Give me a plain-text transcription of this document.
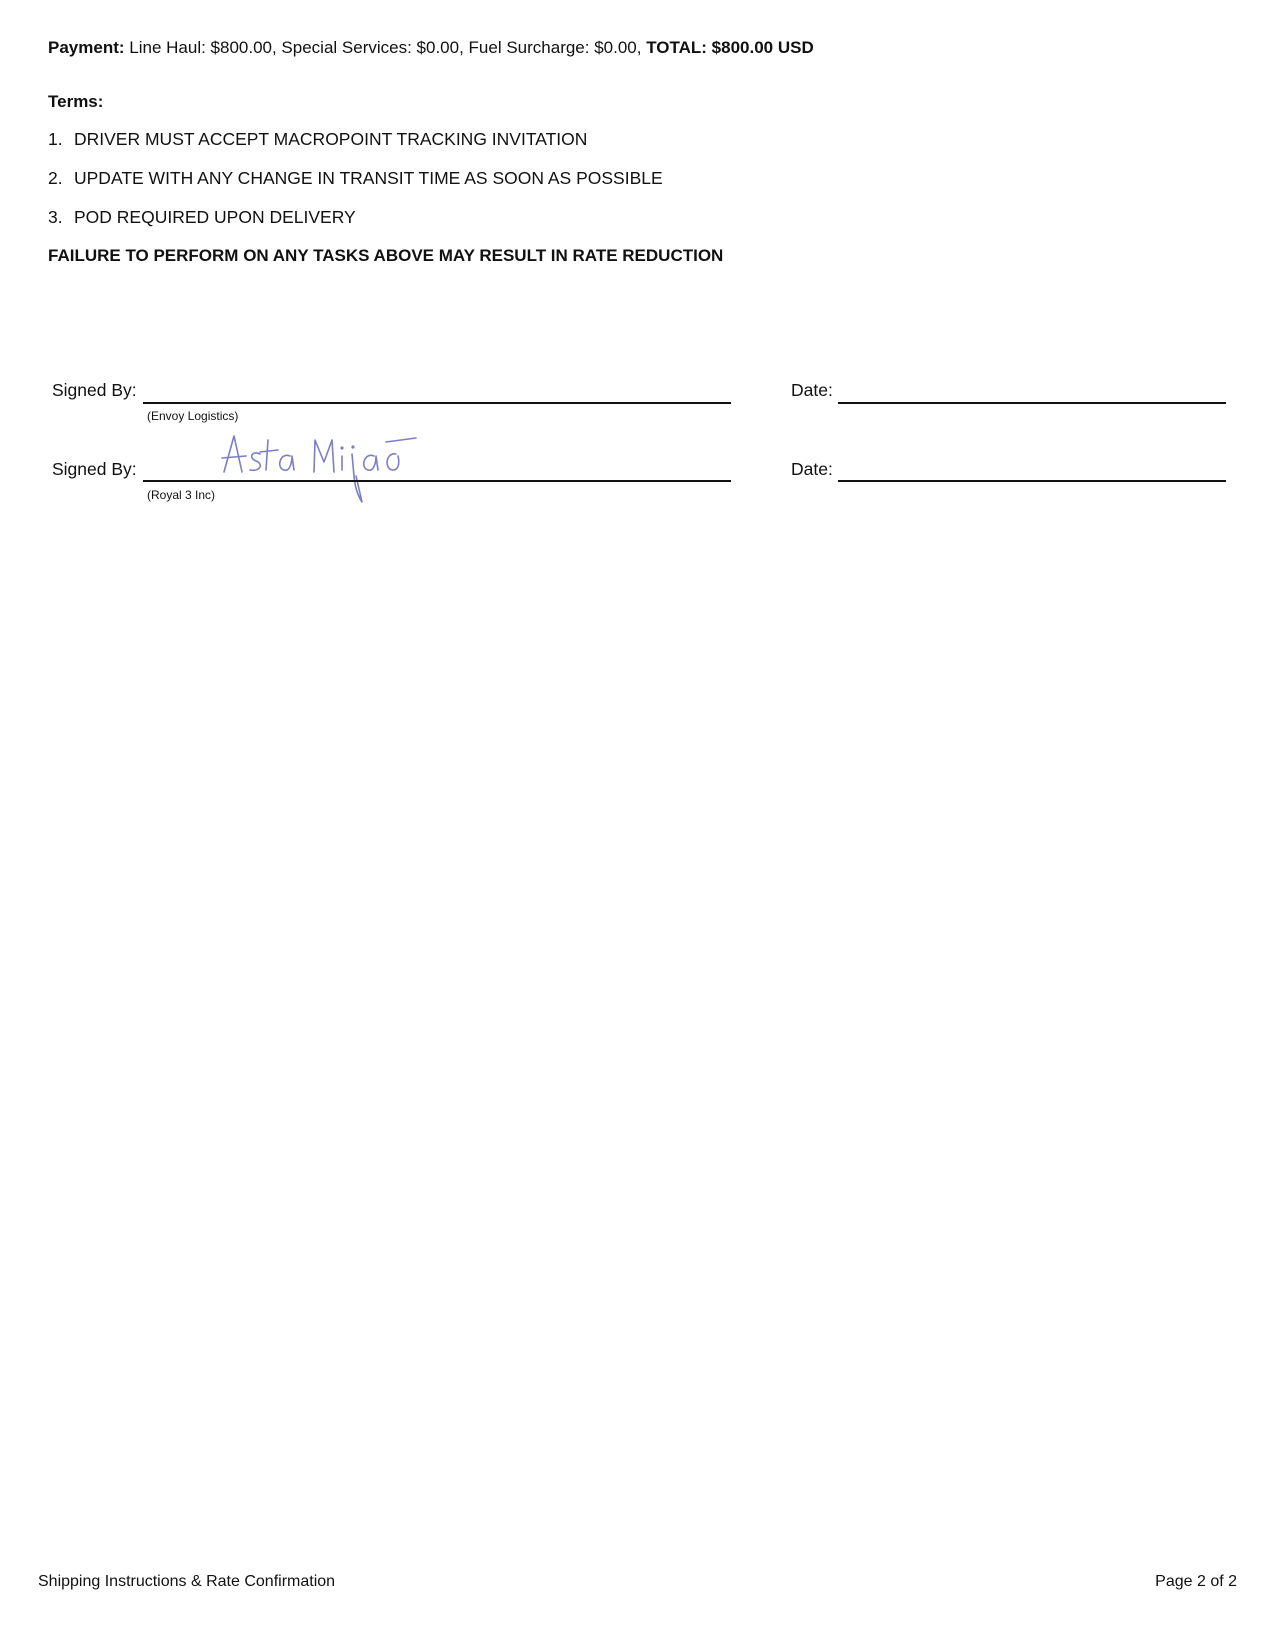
Payment: Line Haul: $800.00, Special Services: $0.00, Fuel Surcharge: $0.00, TOTAL: $800.00 USD
Terms:
1. DRIVER MUST ACCEPT MACROPOINT TRACKING INVITATION
2. UPDATE WITH ANY CHANGE IN TRANSIT TIME AS SOON AS POSSIBLE
3. POD REQUIRED UPON DELIVERY
FAILURE TO PERFORM ON ANY TASKS ABOVE MAY RESULT IN RATE REDUCTION
Signed By:
(Envoy Logistics)
Date:
Signed By:
(Royal 3 Inc)
Date:
Shipping Instructions & Rate Confirmation	Page 2 of 2
